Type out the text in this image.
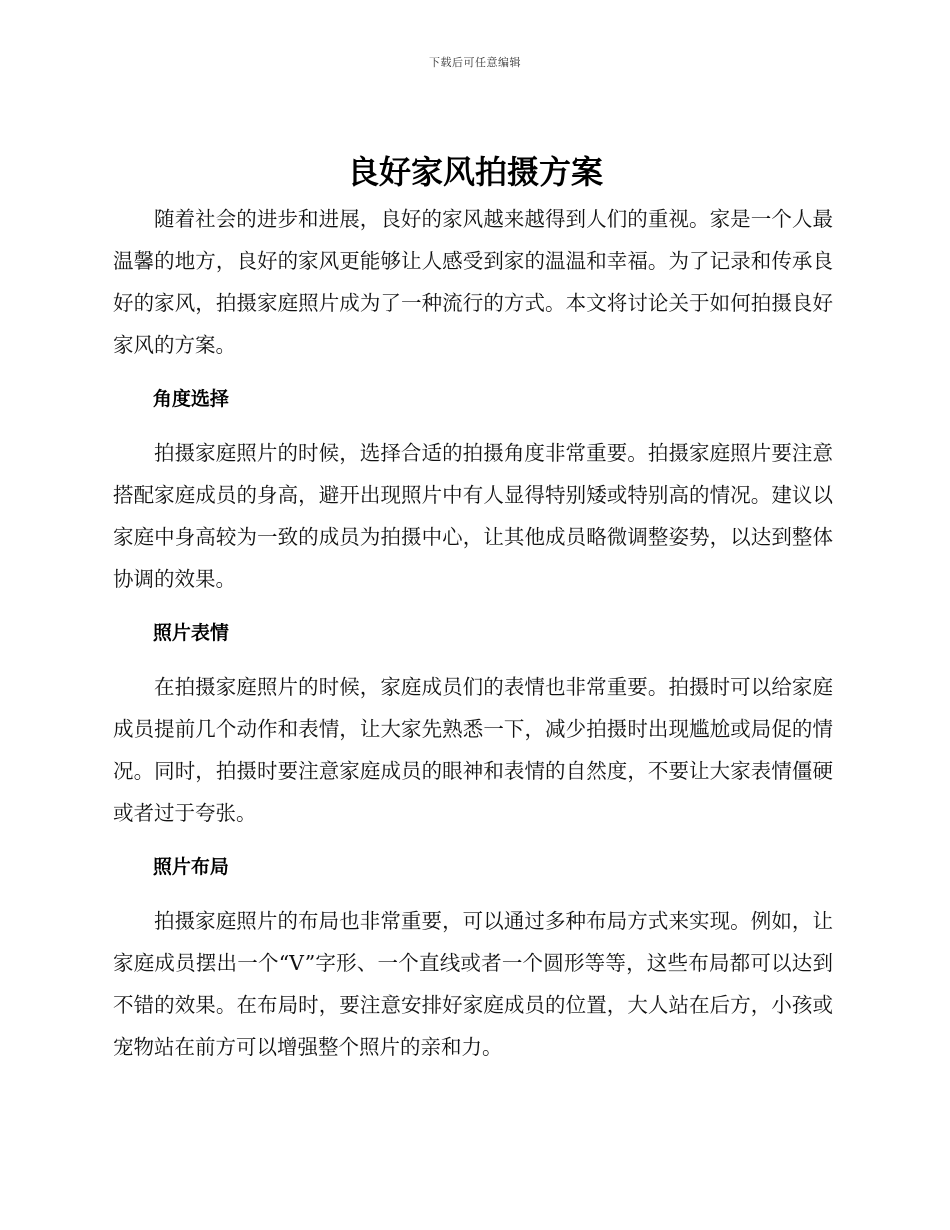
下载后可任意编辑
良好家风拍摄方案

随着社会的进步和进展，良好的家风越来越得到人们的重视。家是一个人最温馨的地方，良好的家风更能够让人感受到家的温温和幸福。为了记录和传承良好的家风，拍摄家庭照片成为了一种流行的方式。本文将讨论关于如何拍摄良好家风的方案。

角度选择

拍摄家庭照片的时候，选择合适的拍摄角度非常重要。拍摄家庭照片要注意搭配家庭成员的身高，避开出现照片中有人显得特别矮或特别高的情况。建议以家庭中身高较为一致的成员为拍摄中心，让其他成员略微调整姿势，以达到整体协调的效果。

照片表情

在拍摄家庭照片的时候，家庭成员们的表情也非常重要。拍摄时可以给家庭成员提前几个动作和表情，让大家先熟悉一下，减少拍摄时出现尴尬或局促的情况。同时，拍摄时要注意家庭成员的眼神和表情的自然度，不要让大家表情僵硬或者过于夸张。

照片布局

拍摄家庭照片的布局也非常重要，可以通过多种布局方式来实现。例如，让家庭成员摆出一个“V”字形、一个直线或者一个圆形等等，这些布局都可以达到不错的效果。在布局时，要注意安排好家庭成员的位置，大人站在后方，小孩或宠物站在前方可以增强整个照片的亲和力。
